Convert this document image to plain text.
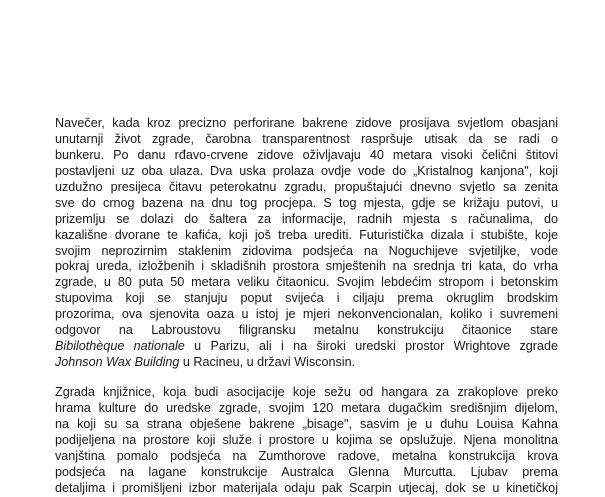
Navečer, kada kroz precizno perforirane bakrene zidove prosijava svjetlom obasjani
unutarnji život zgrade, čarobna transparentnost raspršuje utisak da se radi o
bunkeru. Po danu rđavo-crvene zidove oživljavaju 40 metara visoki čelični štitovi
postavljeni uz oba ulaza. Dva uska prolaza ovdje vode do „Kristalnog kanjona", koji
uzdužno presijeca čitavu peterokatnu zgradu, propuštajući dnevno svjetlo sa zenita
sve do crnog bazena na dnu tog procjepa. S tog mjesta, gdje se križaju putovi, u
prizemlju se dolazi do šaltera za informacije, radnih mjesta s računalima, do
kazališne dvorane te kafića, koji još treba urediti. Futuristička dizala i stubište, koje
svojim neprozirnim staklenim zidovima podsjeća na Noguchijeve svjetiljke, vode
pokraj ureda, izložbenih i skladišnih prostora smještenih na srednja tri kata, do vrha
zgrade, u 80 puta 50 metara veliku čitaonicu. Svojim lebdećim stropom i betonskim
stupovima koji se stanjuju poput svijeća i ciljaju prema okruglim brodskim
prozorima, ova sjenovita oaza u istoj je mjeri nekonvencionalan, koliko i suvremeni
odgovor na Labroustovu filigransku metalnu konstrukciju čitaonice stare
Bibilothèque nationale u Parizu, ali i na široki uredski prostor Wrightove zgrade
Johnson Wax Building u Racineu, u državi Wisconsin.
Zgrada knjižnice, koja budi asocijacije koje sežu od hangara za zrakoplove preko
hrama kulture do uredske zgrade, svojim 120 metara dugačkim središnjim dijelom,
na koji su sa strana obješene bakrene „bisage", sasvim je u duhu Louisa Kahna
podijeljena na prostore koji služe i prostore u kojima se opslužuje. Njena monolitna
vanjština pomalo podsjeća na Zumthorove radove, metalna konstrukcija krova
podsjeća na lagane konstrukcije Australca Glenna Murcutta. Ljubav prema
detaljima i promišljeni izbor materijala odaju pak Scarpin utjecaj, dok se u kinetičkoj
